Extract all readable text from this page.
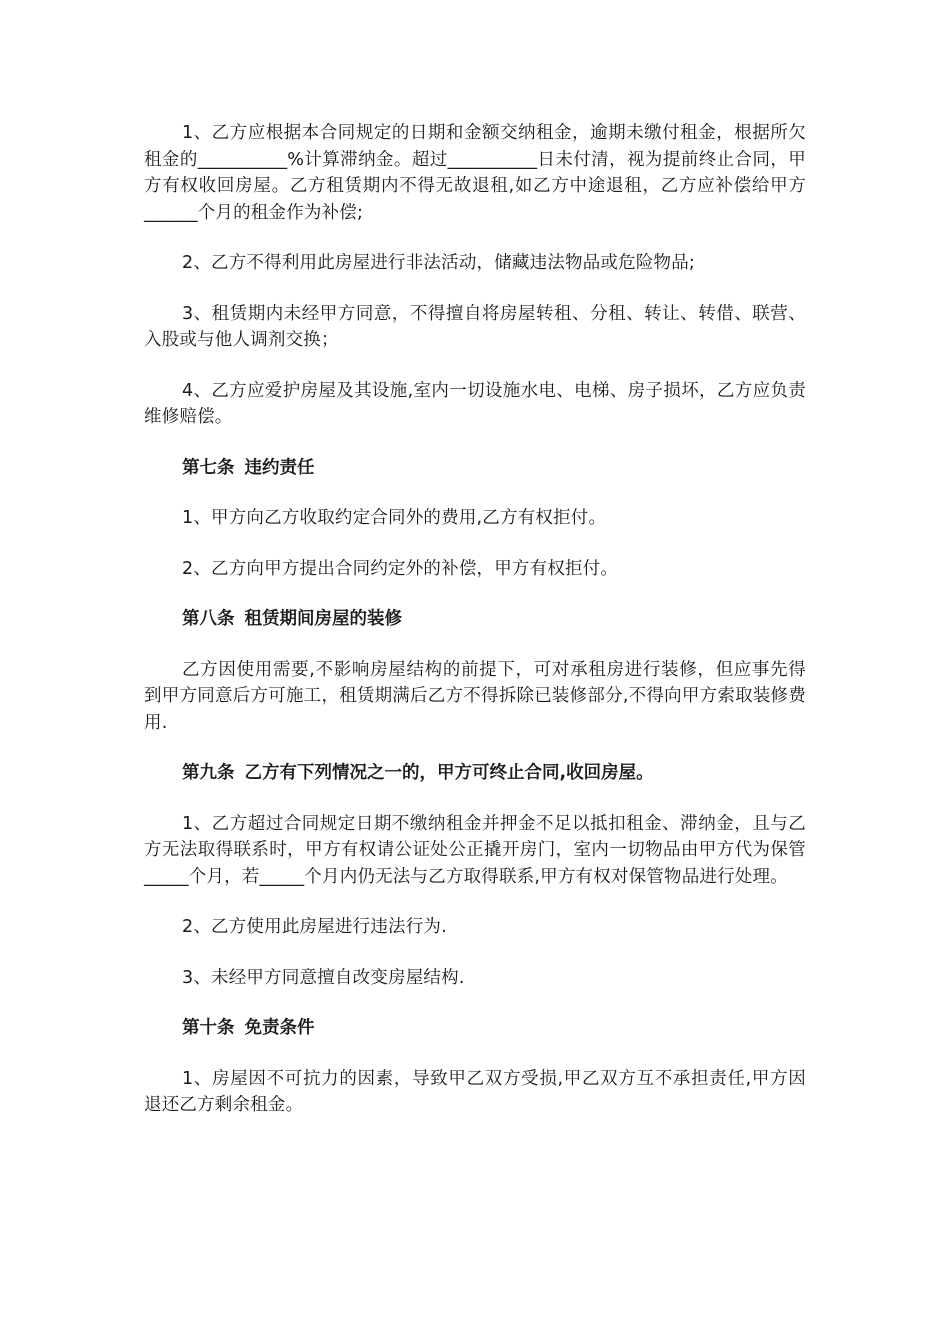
1、乙方应根据本合同规定的日期和金额交纳租金，逾期未缴付租金，根据所欠租金的__________%计算滞纳金。超过__________日未付清，视为提前终止合同，甲方有权收回房屋。乙方租赁期内不得无故退租,如乙方中途退租，乙方应补偿给甲方______个月的租金作为补偿;

2、乙方不得利用此房屋进行非法活动，储藏违法物品或危险物品;

3、租赁期内未经甲方同意，不得擅自将房屋转租、分租、转让、转借、联营、入股或与他人调剂交换；

4、乙方应爱护房屋及其设施,室内一切设施水电、电梯、房子损坏，乙方应负责维修赔偿。

第七条 违约责任

1、甲方向乙方收取约定合同外的费用,乙方有权拒付。

2、乙方向甲方提出合同约定外的补偿，甲方有权拒付。

第八条 租赁期间房屋的装修

乙方因使用需要,不影响房屋结构的前提下，可对承租房进行装修，但应事先得到甲方同意后方可施工，租赁期满后乙方不得拆除已装修部分,不得向甲方索取装修费用.

第九条 乙方有下列情况之一的，甲方可终止合同,收回房屋。

1、乙方超过合同规定日期不缴纳租金并押金不足以抵扣租金、滞纳金，且与乙方无法取得联系时，甲方有权请公证处公正撬开房门，室内一切物品由甲方代为保管_____个月，若_____个月内仍无法与乙方取得联系,甲方有权对保管物品进行处理。

2、乙方使用此房屋进行违法行为.

3、未经甲方同意擅自改变房屋结构.

第十条 免责条件

1、房屋因不可抗力的因素，导致甲乙双方受损,甲乙双方互不承担责任,甲方因退还乙方剩余租金。
